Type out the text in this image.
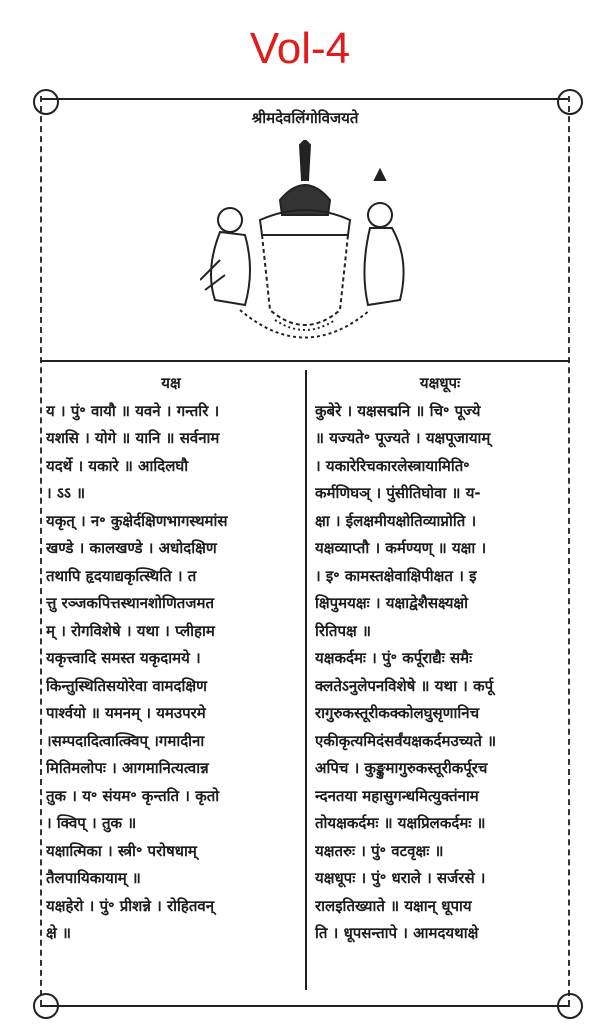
Vol-4
श्रीमदेवलिंगोविजयते
यक्ष
य । पुं॰ वायौ ॥ यवने । गन्तरि ।
यशसि । योगे ॥ यानि ॥ सर्वनाम
यदर्थे । यकारे ॥ आदिलघौ
। ऽऽ ॥
यकृत् । न॰ कुक्षेर्दक्षिणभागस्थमांस
खण्डे । कालखण्डे । अधोदक्षिण
तथापि हृदयाद्यकृत्स्थिति । त
त्तु रञ्जकपित्तस्थानशोणितजमत
म् । रोगविशेषे । यथा । प्लीहाम
यकृत्त्वादि समस्त यकृदामये ।
किन्तुस्थितिसयोरेवा वामदक्षिण
पार्श्वयो ॥ यमनम् । यमउपरमे
।सम्पदादित्वात्क्विप् ।गमादीना
मितिमलोपः । आगमानित्यत्वान्न
तुक । य॰ संयम॰ कृन्तति । कृतो
। क्विप् । तुक ॥
यक्षात्मिका । स्त्री॰ परोषधाम्
तैलपायिकायाम् ॥
यक्षहेरो । पुं॰ प्रीशन्ने । रोहितवन्
क्षे ॥
यक्षधूपः
कुबेरे । यक्षसद्मनि ॥ चि॰ पूज्ये
॥ यज्यते॰ पूज्यते । यक्षपूजायाम्
। यकारेरिचकारलेस्त्रायामिति॰
कर्मणिघञ् । पुंसीतिघोवा ॥ य-
क्षा । ईलक्षमीयक्षोतिव्याप्नोति ।
यक्षव्याप्तौ । कर्मण्यण् ॥ यक्षा ।
। इ॰ कामस्तक्षेवाक्षिपीक्षत । इ
क्षिपुमयक्षः । यक्षाद्वेशैसक्ष्यक्षो
रितिपक्ष ॥
यक्षकर्दमः । पुं॰ कर्पूराद्यैः समैः
क्लतेऽनुलेपनविशेषे ॥ यथा । कर्पू
रागुरुकस्तूरीकक्कोलघुसृणानिच
एकीकृत्यमिदंसर्वंयक्षकर्दमउच्यते ॥
अपिच । कुङ्कुमागुरुकस्तूरीकर्पूरच
न्दनतया महासुगन्धमित्युक्तंनाम
तोयक्षकर्दमः ॥ यक्षप्रिलकर्दमः ॥
यक्षतरुः । पुं॰ वटवृक्षः ॥
यक्षधूपः । पुं॰ धराले । सर्जरसे ।
रालइतिख्याते ॥ यक्षान् धूपाय
ति । धूपसन्तापे । आमदयथाक्षे
